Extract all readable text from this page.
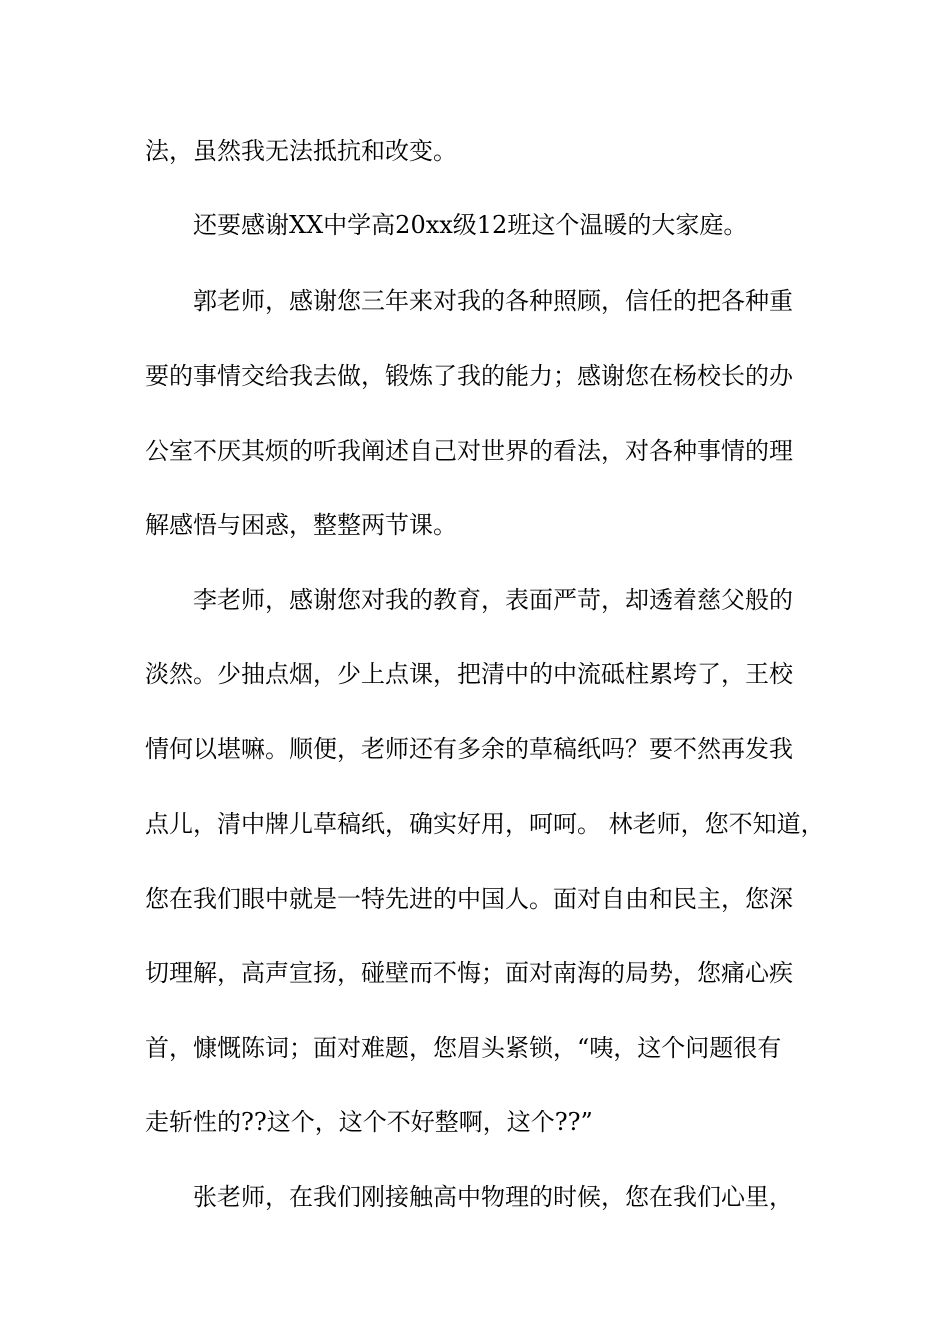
法，虽然我无法抵抗和改变。
还要感谢XX中学高20xx级12班这个温暖的大家庭。
郭老师，感谢您三年来对我的各种照顾，信任的把各种重
要的事情交给我去做，锻炼了我的能力；感谢您在杨校长的办
公室不厌其烦的听我阐述自己对世界的看法，对各种事情的理
解感悟与困惑，整整两节课。
李老师，感谢您对我的教育，表面严苛，却透着慈父般的
淡然。少抽点烟，少上点课，把清中的中流砥柱累垮了，王校
情何以堪嘛。顺便，老师还有多余的草稿纸吗？要不然再发我
点儿，清中牌儿草稿纸，确实好用，呵呵。 林老师，您不知道，
您在我们眼中就是一特先进的中国人。面对自由和民主，您深
切理解，高声宣扬，碰壁而不悔；面对南海的局势，您痛心疾
首，慷慨陈词；面对难题，您眉头紧锁，“咦，这个问题很有
走斩性的??这个，这个不好整啊，这个??”
张老师，在我们刚接触高中物理的时候，您在我们心里，
